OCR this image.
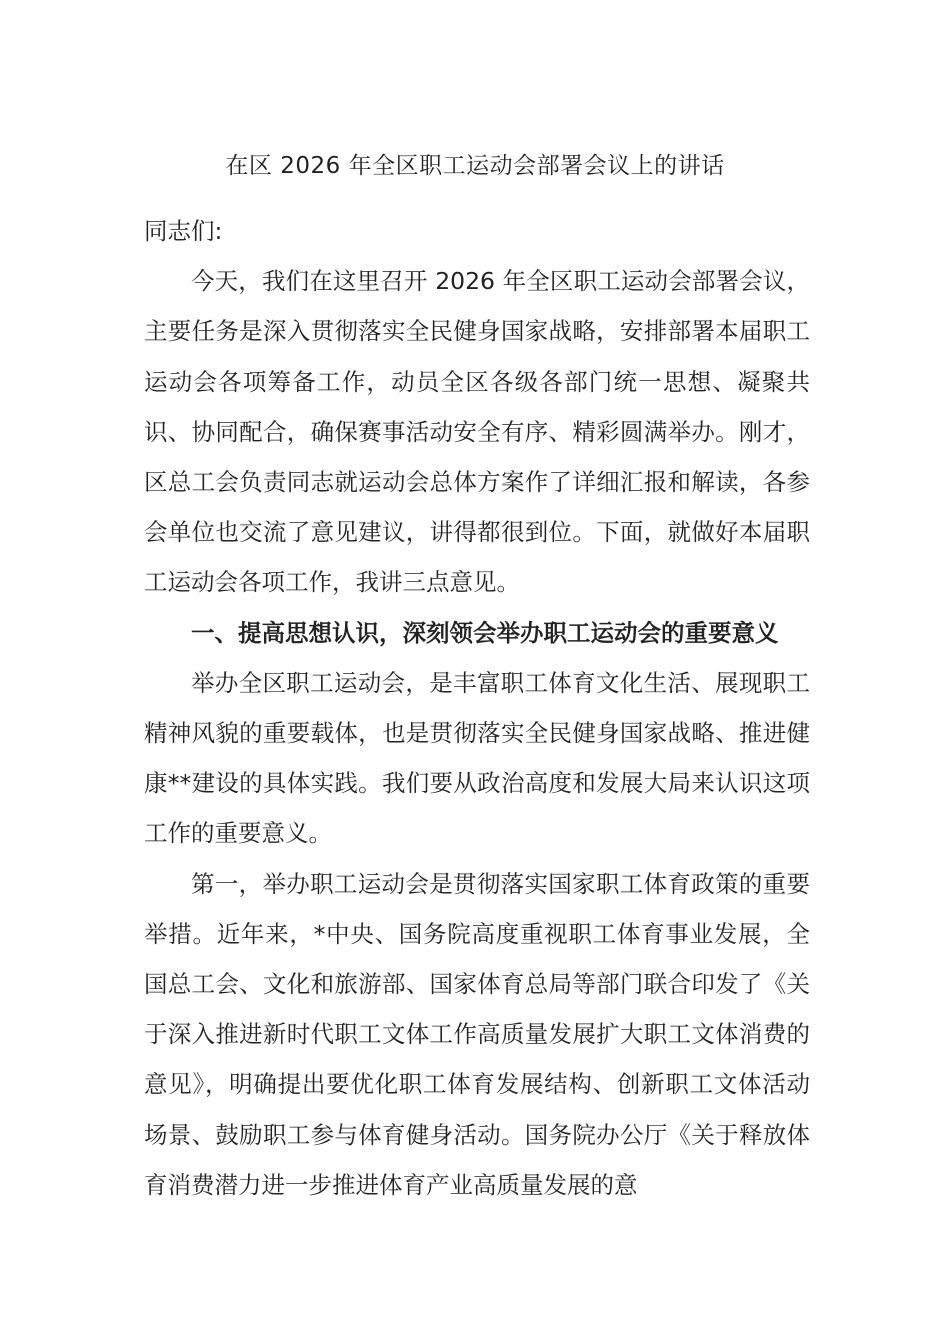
在区 2026 年全区职工运动会部署会议上的讲话

同志们:

今天，我们在这里召开 2026 年全区职工运动会部署会议，主要任务是深入贯彻落实全民健身国家战略，安排部署本届职工运动会各项筹备工作，动员全区各级各部门统一思想、凝聚共识、协同配合，确保赛事活动安全有序、精彩圆满举办。刚才，区总工会负责同志就运动会总体方案作了详细汇报和解读，各参会单位也交流了意见建议，讲得都很到位。下面，就做好本届职工运动会各项工作，我讲三点意见。

一、提高思想认识，深刻领会举办职工运动会的重要意义

举办全区职工运动会，是丰富职工体育文化生活、展现职工精神风貌的重要载体，也是贯彻落实全民健身国家战略、推进健康**建设的具体实践。我们要从政治高度和发展大局来认识这项工作的重要意义。

第一，举办职工运动会是贯彻落实国家职工体育政策的重要举措。近年来，*中央、国务院高度重视职工体育事业发展，全国总工会、文化和旅游部、国家体育总局等部门联合印发了《关于深入推进新时代职工文体工作高质量发展扩大职工文体消费的意见》，明确提出要优化职工体育发展结构、创新职工文体活动场景、鼓励职工参与体育健身活动。国务院办公厅《关于释放体育消费潜力进一步推进体育产业高质量发展的意
